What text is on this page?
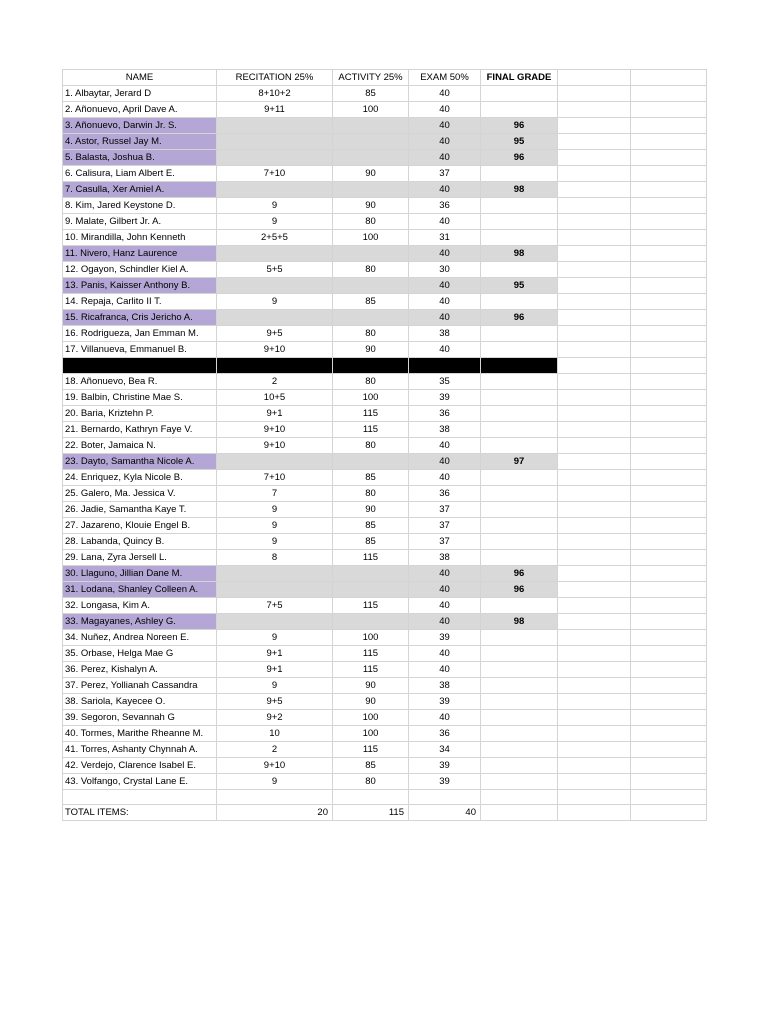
NAME	RECITATION 25%	ACTIVITY 25%	EXAM 50%	FINAL GRADE		
1. Albaytar, Jerard D	8+10+2	85	40			
2. Añonuevo, April Dave A.	9+11	100	40			
3. Añonuevo, Darwin Jr. S.			40	96		
4. Astor, Russel Jay M.			40	95		
5. Balasta, Joshua B.			40	96		
6. Calisura, Liam Albert E.	7+10	90	37			
7. Casulla, Xer Amiel A.			40	98		
8. Kim, Jared Keystone D.	9	90	36			
9. Malate, Gilbert Jr. A.	9	80	40			
10. Mirandilla, John Kenneth	2+5+5	100	31			
11. Nivero, Hanz Laurence			40	98		
12. Ogayon, Schindler Kiel A.	5+5	80	30			
13. Panis, Kaisser Anthony B.			40	95		
14. Repaja, Carlito II T.	9	85	40			
15. Ricafranca, Cris Jericho A.			40	96		
16. Rodrigueza, Jan Emman M.	9+5	80	38			
17. Villanueva, Emmanuel B.	9+10	90	40			

18. Añonuevo, Bea R.	2	80	35			
19. Balbin, Christine Mae S.	10+5	100	39			
20. Baria, Kriztehn P.	9+1	115	36			
21. Bernardo, Kathryn Faye V.	9+10	115	38			
22. Boter, Jamaica N.	9+10	80	40			
23. Dayto, Samantha Nicole A.			40	97		
24. Enriquez, Kyla Nicole B.	7+10	85	40			
25. Galero, Ma. Jessica V.	7	80	36			
26. Jadie, Samantha Kaye T.	9	90	37			
27. Jazareno, Klouie Engel B.	9	85	37			
28. Labanda, Quincy B.	9	85	37			
29. Lana, Zyra Jersell L.	8	115	38			
30. Llaguno, Jillian Dane M.			40	96		
31. Lodana, Shanley Colleen A.			40	96		
32. Longasa, Kim A.	7+5	115	40			
33. Magayanes, Ashley G.			40	98		
34. Nuñez, Andrea Noreen E.	9	100	39			
35. Orbase, Helga Mae G	9+1	115	40			
36. Perez, Kishalyn A.	9+1	115	40			
37. Perez, Yollianah Cassandra	9	90	38			
38. Sariola, Kayecee O.	9+5	90	39			
39. Segoron, Sevannah G	9+2	100	40			
40. Tormes, Marithe Rheanne M.	10	100	36			
41. Torres, Ashanty Chynnah A.	2	115	34			
42. Verdejo, Clarence Isabel E.	9+10	85	39			
43. Volfango, Crystal Lane E.	9	80	39			

TOTAL ITEMS:	20	115	40			
